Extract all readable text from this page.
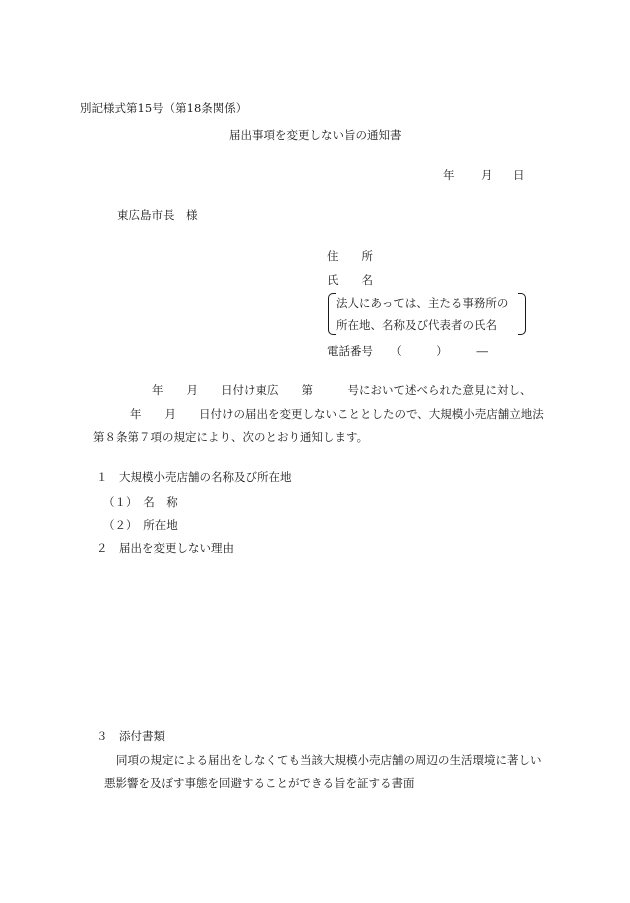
別記様式第15号（第18条関係）
届出事項を変更しない旨の通知書
年 月 日
東広島市長　様
住　　所
氏　　名
法人にあっては、主たる事務所の
所在地、名称及び代表者の氏名
電話番号　　（　　　）　　　―
年　　月　　日付け東広　　第　　　号において述べられた意見に対し、
年　　月　　日付けの届出を変更しないこととしたので、大規模小売店舗立地法
第８条第７項の規定により、次のとおり通知します。
１　大規模小売店舗の名称及び所在地
（１）　名　称
（２）　所在地
２　届出を変更しない理由
３　添付書類
同項の規定による届出をしなくても当該大規模小売店舗の周辺の生活環境に著しい
悪影響を及ぼす事態を回避することができる旨を証する書面
